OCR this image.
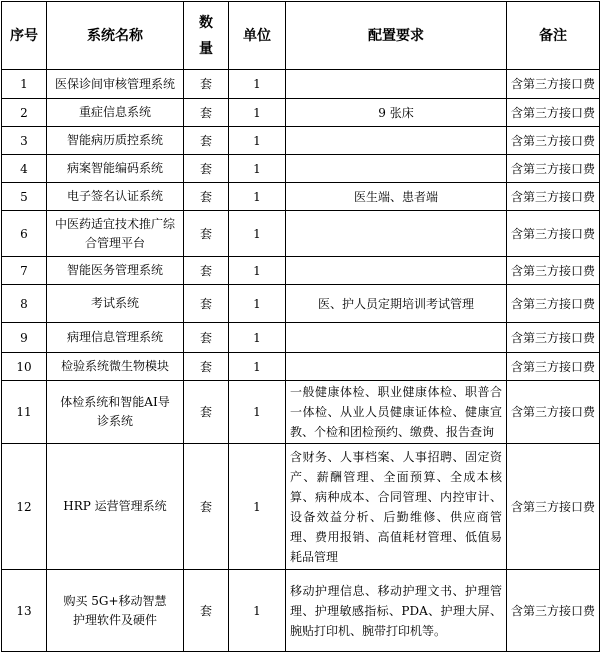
序号	系统名称	数量	单位	配置要求	备注
1	医保诊间审核管理系统	套	1		含第三方接口费
2	重症信息系统	套	1	9 张床	含第三方接口费
3	智能病历质控系统	套	1		含第三方接口费
4	病案智能编码系统	套	1		含第三方接口费
5	电子签名认证系统	套	1	医生端、患者端	含第三方接口费
6	中医药适宜技术推广综合管理平台	套	1		含第三方接口费
7	智能医务管理系统	套	1		含第三方接口费
8	考试系统	套	1	医、护人员定期培训考试管理	含第三方接口费
9	病理信息管理系统	套	1		含第三方接口费
10	检验系统微生物模块	套	1		含第三方接口费
11	体检系统和智能AI导诊系统	套	1	一般健康体检、职业健康体检、职普合一体检、从业人员健康证体检、健康宣教、个检和团检预约、缴费、报告查询	含第三方接口费
12	HRP 运营管理系统	套	1	含财务、人事档案、人事招聘、固定资产、薪酬管理、全面预算、全成本核算、病种成本、合同管理、内控审计、设备效益分析、后勤维修、供应商管理、费用报销、高值耗材管理、低值易耗品管理	含第三方接口费
13	购买 5G+移动智慧护理软件及硬件	套	1	移动护理信息、移动护理文书、护理管理、护理敏感指标、PDA、护理大屏、腕贴打印机、腕带打印机等。	含第三方接口费
